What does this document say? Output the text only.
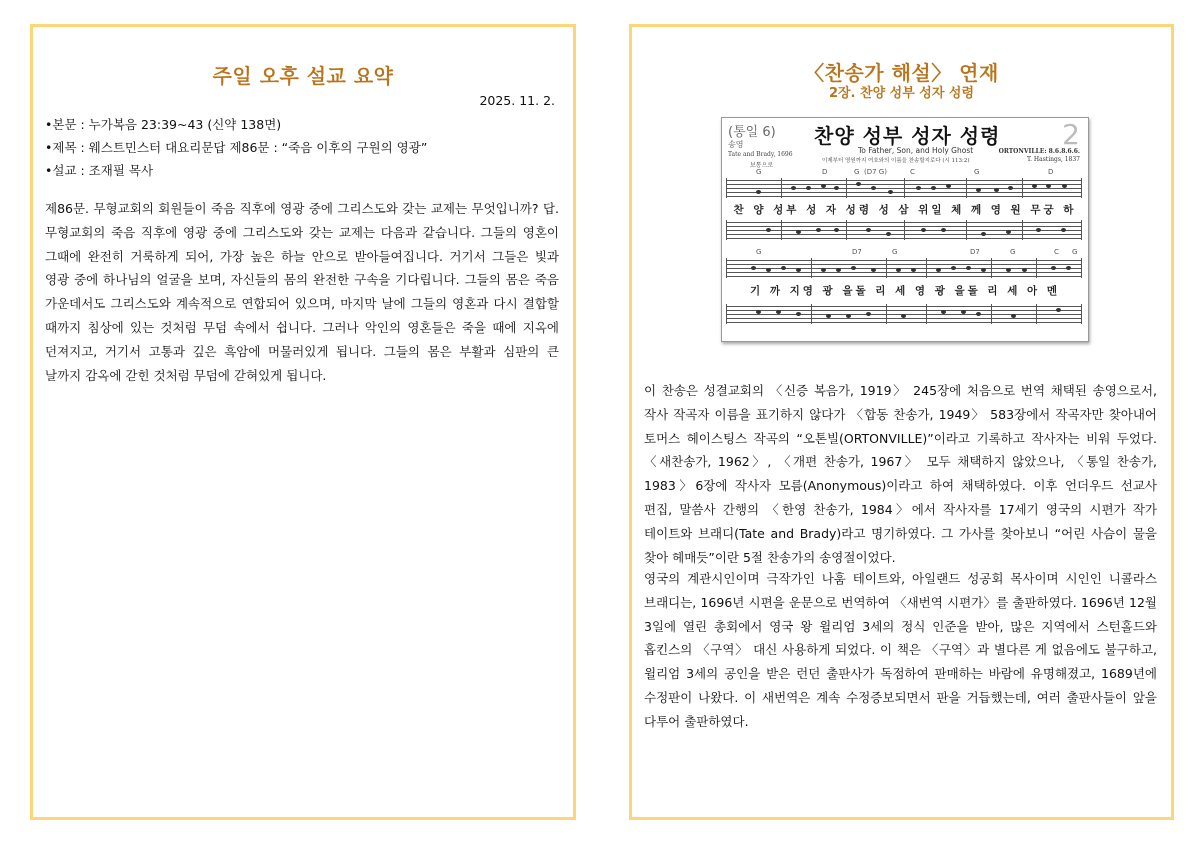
주일 오후 설교 요약
2025. 11. 2.
•본문 : 누가복음 23:39~43 (신약 138면)
•제목 : 웨스트민스터 대요리문답 제86문 : “죽음 이후의 구원의 영광”
•설교 : 조재필 목사
제86문. 무형교회의 회원들이 죽음 직후에 영광 중에 그리스도와 갖는 교제는 무엇입니까? 답. 무형교회의 죽음 직후에 영광 중에 그리스도와 갖는 교제는 다음과 같습니다. 그들의 영혼이 그때에 완전히 거룩하게 되어, 가장 높은 하늘 안으로 받아들여집니다. 거기서 그들은 빛과 영광 중에 하나님의 얼굴을 보며, 자신들의 몸의 완전한 구속을 기다립니다. 그들의 몸은 죽음 가운데서도 그리스도와 계속적으로 연합되어 있으며, 마지막 날에 그들의 영혼과 다시 결합할 때까지 침상에 있는 것처럼 무덤 속에서 쉽니다. 그러나 악인의 영혼들은 죽을 때에 지옥에 던져지고, 거기서 고통과 깊은 흑암에 머물러있게 됩니다. 그들의 몸은 부활과 심판의 큰 날까지 감옥에 갇힌 것처럼 무덤에 갇혀있게 됩니다.
〈찬송가 해설〉 연재
2장. 찬양 성부 성자 성령
(통일 6)
송영
Tate and Brady, 1696
보통으로
찬양 성부 성자 성령
To Father, Son, and Holy Ghost
이제부터 영원까지 여호와의 이름을 찬송할지로다 (시 113:2)
2
ORTONVILLE: 8.6.8.6.6.
T. Hastings, 1837
G	D	G (D7 G)	C	G	D
찬 양 성부 성 자 성령 성 삼 위일 체 께 영 원 무궁 하
G	D7	G	D7	G	C G
기 까 지영 광 을돌 리 세 영 광 을돌 리 세 아 멘
이 찬송은 성결교회의 〈신증 복음가, 1919〉 245장에 처음으로 번역 채택된 송영으로서, 작사 작곡자 이름을 표기하지 않다가 〈합동 찬송가, 1949〉 583장에서 작곡자만 찾아내어 토머스 헤이스팅스 작곡의 “오톤빌(ORTONVILLE)”이라고 기록하고 작사자는 비워 두었다. 〈새찬송가, 1962〉, 〈개편 찬송가, 1967〉 모두 채택하지 않았으나, 〈통일 찬송가, 1983〉6장에 작사자 모름(Anonymous)이라고 하여 채택하였다. 이후 언더우드 선교사 편집, 말씀사 간행의 〈한영 찬송가, 1984〉에서 작사자를 17세기 영국의 시편가 작가 테이트와 브래디(Tate and Brady)라고 명기하였다. 그 가사를 찾아보니 “어린 사슴이 물을 찾아 헤매듯”이란 5절 찬송가의 송영절이었다.
영국의 계관시인이며 극작가인 나훔 테이트와, 아일랜드 성공회 목사이며 시인인 니콜라스 브래디는, 1696년 시편을 운문으로 번역하여 〈새번역 시편가〉를 출판하였다. 1696년 12월 3일에 열린 총회에서 영국 왕 윌리엄 3세의 정식 인준을 받아, 많은 지역에서 스턴홀드와 홉킨스의 〈구역〉 대신 사용하게 되었다. 이 책은 〈구역〉과 별다른 게 없음에도 불구하고, 윌리엄 3세의 공인을 받은 런던 출판사가 독점하여 판매하는 바람에 유명해졌고, 1689년에 수정판이 나왔다. 이 새번역은 계속 수정증보되면서 판을 거듭했는데, 여러 출판사들이 앞을 다투어 출판하였다.
